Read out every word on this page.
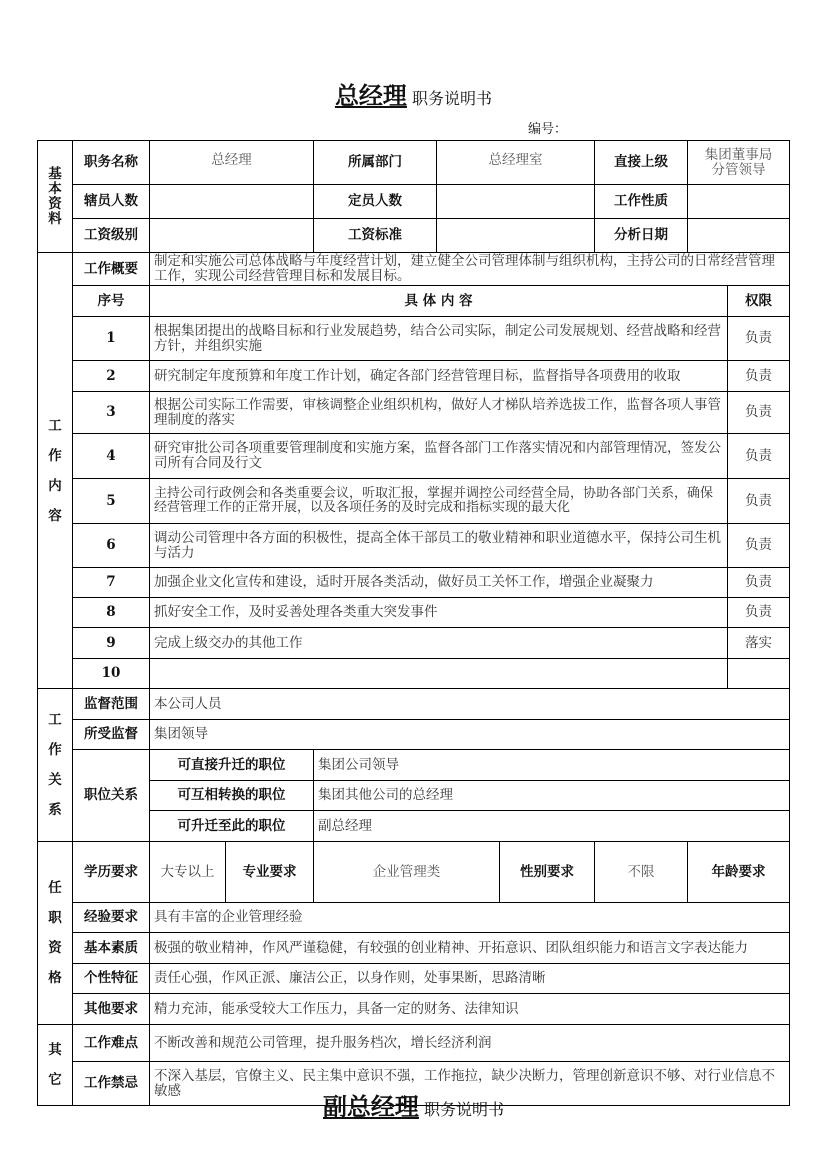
总经理 职务说明书
编号：
基本资料	职务名称	总经理		所属部门	总经理室		直接上级	集团董事局
分管领导		

	辖员人数			定员人数			工作性质			
	工资级别			工资标准			分析日期			

工作内容	工作概要	制定和实施公司总体战略与年度经营计划，建立健全公司管理体制与组织机构，主持公司的日常经营管理工作，实现公司经营管理目标和发展目标。								
	序号	具 体 内 容							权限	
	1	根据集团提出的战略目标和行业发展趋势，结合公司实际，制定公司发展规划、经营战略和经营方针，并组织实施							负责	
	2	研究制定年度预算和年度工作计划，确定各部门经营管理目标，监督指导各项费用的收取							负责	
	3	根据公司实际工作需要，审核调整企业组织机构，做好人才梯队培养选拔工作，监督各项人事管理制度的落实							负责	
	4	研究审批公司各项重要管理制度和实施方案，监督各部门工作落实情况和内部管理情况，签发公司所有合同及行文							负责	
	5	主持公司行政例会和各类重要会议，听取汇报，掌握并调控公司经营全局，协助各部门关系，确保经营管理工作的正常开展，以及各项任务的及时完成和指标实现的最大化							负责	
	6	调动公司管理中各方面的积极性，提高全体干部员工的敬业精神和职业道德水平，保持公司生机与活力							负责	
	7	加强企业文化宣传和建设，适时开展各类活动，做好员工关怀工作，增强企业凝聚力							负责	
	8	抓好安全工作，及时妥善处理各类重大突发事件							负责	
	9	完成上级交办的其他工作							落实	
	10									

工作关系	监督范围	本公司人员								
	所受监督	集团领导								
	职位关系	可直接升迁的职位		集团公司领导						
		可互相转换的职位		集团其他公司的总经理						
		可升迁至此的职位		副总经理						

任职资格	学历要求	大专以上	专业要求	企业管理类		性别要求	不限	年龄要求	
	经验要求	具有丰富的企业管理经验								
	基本素质	极强的敬业精神，作风严谨稳健，有较强的创业精神、开拓意识、团队组织能力和语言文字表达能力								
	个性特征	责任心强，作风正派、廉洁公正，以身作则，处事果断，思路清晰								
	其他要求	精力充沛，能承受较大工作压力，具备一定的财务、法律知识								

其它	工作难点	不断改善和规范公司管理，提升服务档次，增长经济利润								
	工作禁忌	不深入基层，官僚主义、民主集中意识不强，工作拖拉，缺少决断力，管理创新意识不够、对行业信息不敏感								
副总经理 职务说明书
